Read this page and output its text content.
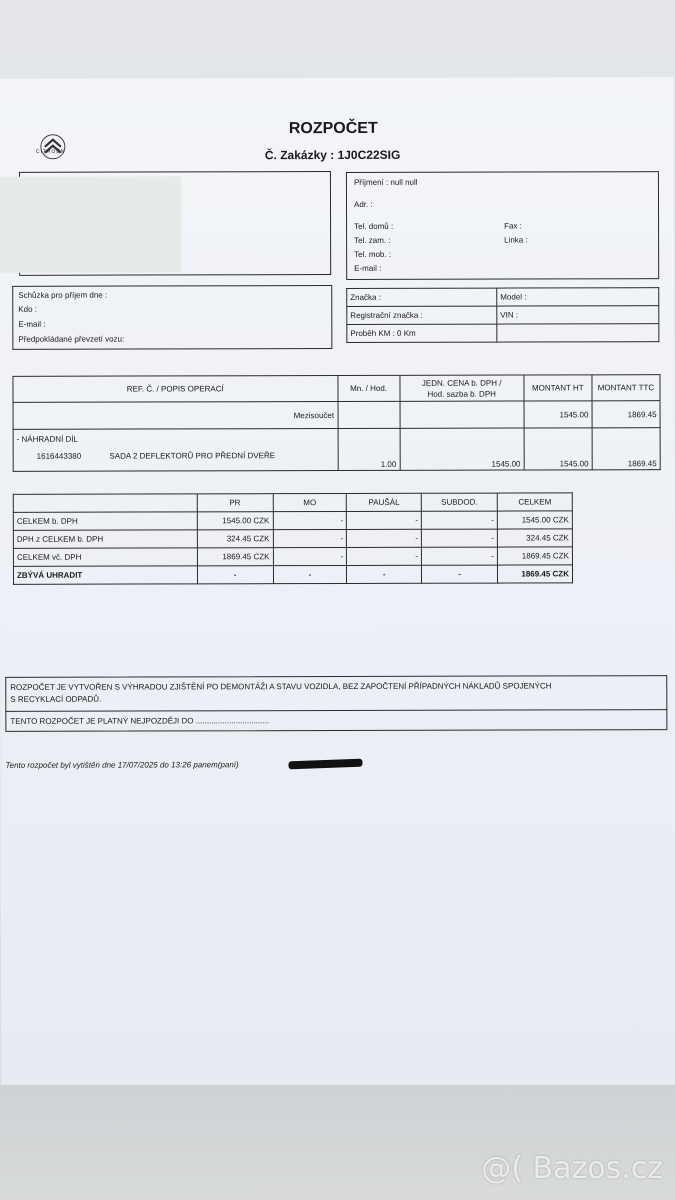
CITROËN
ROZPOČET
Č. Zakázky : 1J0C22SIG
Příjmení : null null
Adr. :
Tel. domů :
Tel. zam. :
Tel. mob. :
E-mail :
Fax :
Linka :
Schůzka pro příjem dne :
Kdo :
E-mail :
Předpokládané převzetí vozu:
Značka :	Model :
Registrační značka :	VIN :
Proběh KM : 0 Km	
REF. Č. / POPIS OPERACÍ	Mn. / Hod.	JEDN. CENA b. DPH /
Hod. sazba b. DPH	MONTANT HT	MONTANT TTC
Mezisoučet			1545.00	1869.45

- NÁHRADNÍ DÍL
1616443380 SADA 2 DEFLEKTORŮ PRO PŘEDNÍ DVEŘE	1.00	1545.00	1545.00	1869.45
	PR	MO	PAUŠÁL	SUBDOD.	CELKEM
CELKEM b. DPH	1545.00 CZK	-	-	-	1545.00 CZK
DPH z CELKEM b. DPH	324.45 CZK	-	-	-	324.45 CZK
CELKEM vč. DPH	1869.45 CZK	-	-	-	1869.45 CZK
ZBÝVÁ UHRADIT	-	-	-	-	1869.45 CZK
ROZPOČET JE VYTVOŘEN S VÝHRADOU ZJIŠTĚNÍ PO DEMONTÁŽI A STAVU VOZIDLA, BEZ ZAPOČTENÍ PŘÍPADNÝCH NÁKLADŮ SPOJENÝCH
S RECYKLACÍ ODPADŮ.
TENTO ROZPOČET JE PLATNÝ NEJPOZDĚJI DO .................................
Tento rozpočet byl vytištěn dne 17/07/2025 do 13:26 panem(paní)
@( Bazos.cz
